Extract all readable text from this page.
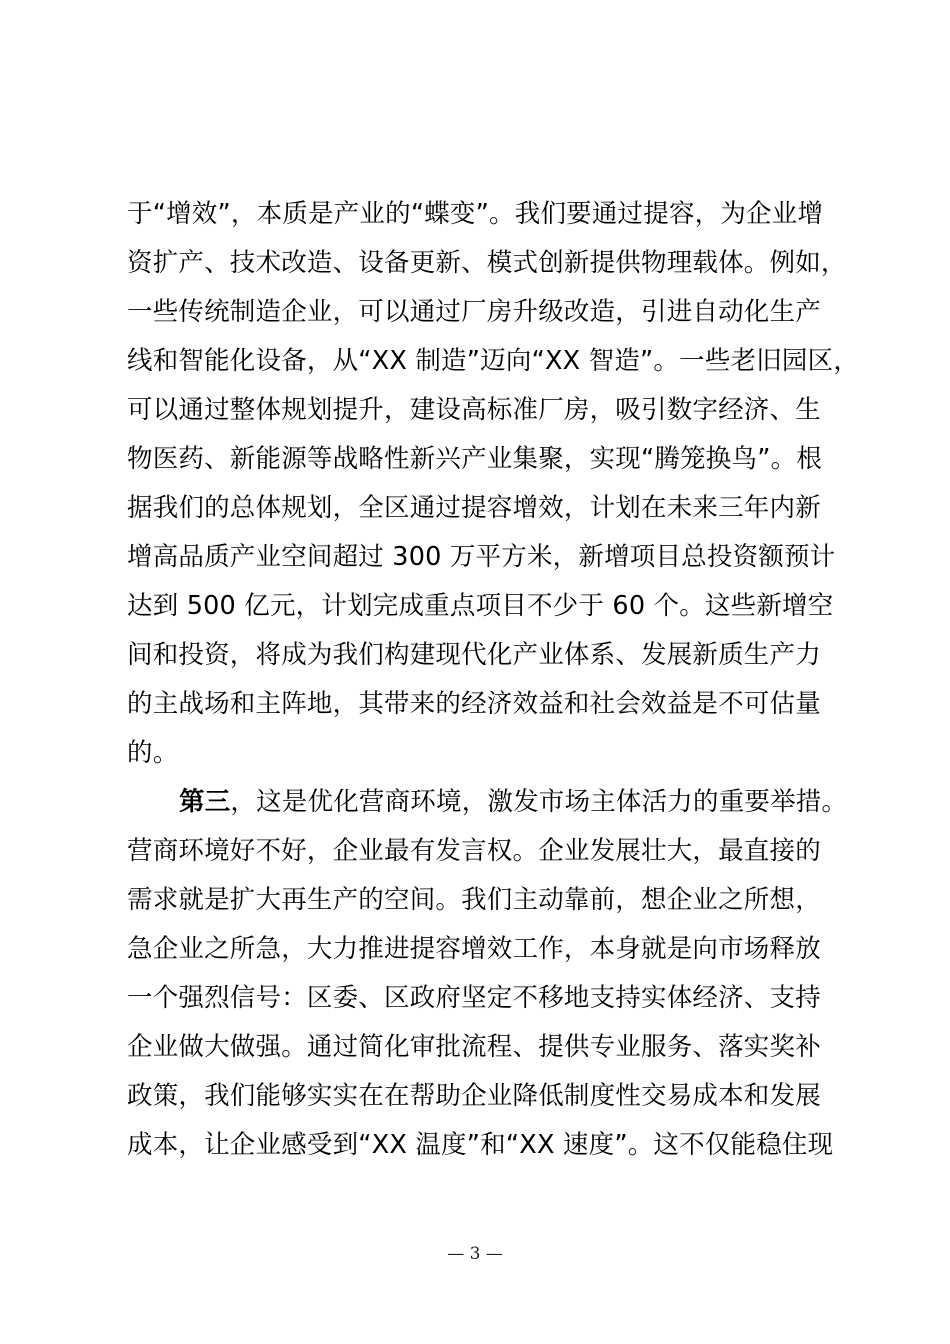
于“增效”，本质是产业的“蝶变”。我们要通过提容，为企业增
资扩产、技术改造、设备更新、模式创新提供物理载体。例如，
一些传统制造企业，可以通过厂房升级改造，引进自动化生产
线和智能化设备，从“XX 制造”迈向“XX 智造”。一些老旧园区，
可以通过整体规划提升，建设高标准厂房，吸引数字经济、生
物医药、新能源等战略性新兴产业集聚，实现“腾笼换鸟”。根
据我们的总体规划，全区通过提容增效，计划在未来三年内新
增高品质产业空间超过 300 万平方米，新增项目总投资额预计
达到 500 亿元，计划完成重点项目不少于 60 个。这些新增空
间和投资，将成为我们构建现代化产业体系、发展新质生产力
的主战场和主阵地，其带来的经济效益和社会效益是不可估量
的。
第三，这是优化营商环境，激发市场主体活力的重要举措。
营商环境好不好，企业最有发言权。企业发展壮大，最直接的
需求就是扩大再生产的空间。我们主动靠前，想企业之所想，
急企业之所急，大力推进提容增效工作，本身就是向市场释放
一个强烈信号：区委、区政府坚定不移地支持实体经济、支持
企业做大做强。通过简化审批流程、提供专业服务、落实奖补
政策，我们能够实实在在帮助企业降低制度性交易成本和发展
成本，让企业感受到“XX 温度”和“XX 速度”。这不仅能稳住现
— 3 —
